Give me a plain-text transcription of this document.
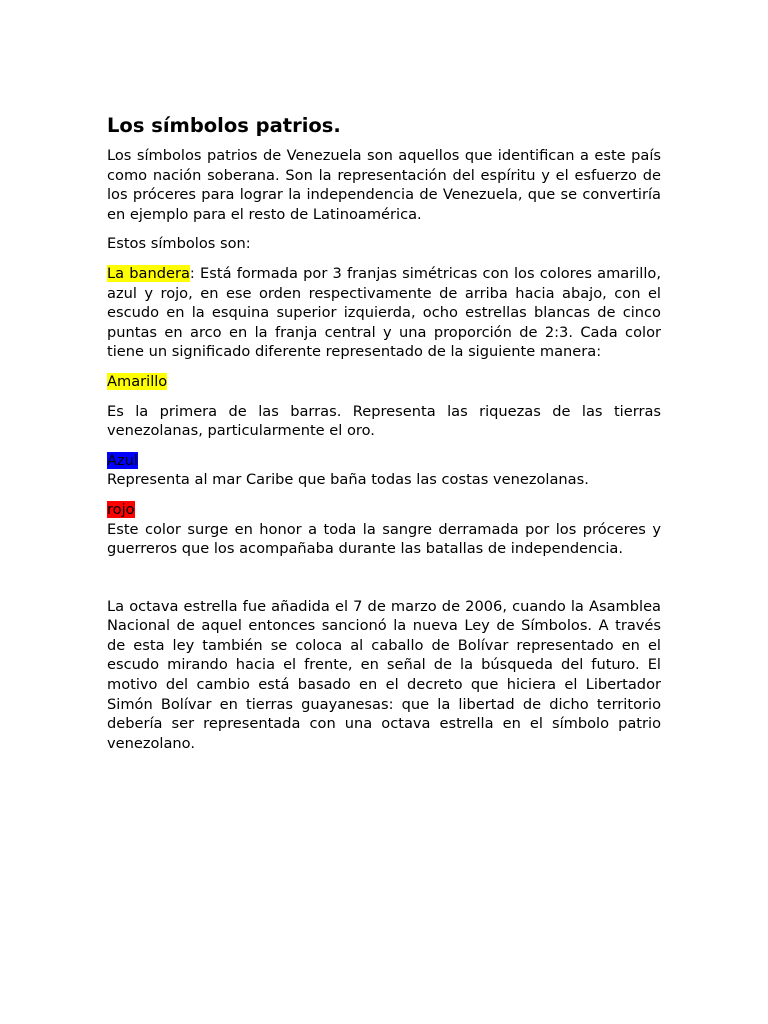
Los símbolos patrios.

Los símbolos patrios de Venezuela son aquellos que identifican a este país como nación soberana. Son la representación del espíritu y el esfuerzo de los próceres para lograr la independencia de Venezuela, que se convertiría en ejemplo para el resto de Latinoamérica.

Estos símbolos son:

La bandera: Está formada por 3 franjas simétricas con los colores amarillo, azul y rojo, en ese orden respectivamente de arriba hacia abajo, con el escudo en la esquina superior izquierda, ocho estrellas blancas de cinco puntas en arco en la franja central y una proporción de 2:3. Cada color tiene un significado diferente representado de la siguiente manera:

Amarillo

Es la primera de las barras. Representa las riquezas de las tierras venezolanas, particularmente el oro.

Azul

Representa al mar Caribe que baña todas las costas venezolanas.

rojo

Este color surge en honor a toda la sangre derramada por los próceres y guerreros que los acompañaba durante las batallas de independencia.

La octava estrella fue añadida el 7 de marzo de 2006, cuando la Asamblea Nacional de aquel entonces sancionó la nueva Ley de Símbolos. A través de esta ley también se coloca al caballo de Bolívar representado en el escudo mirando hacia el frente, en señal de la búsqueda del futuro. El motivo del cambio está basado en el decreto que hiciera el Libertador Simón Bolívar en tierras guayanesas: que la libertad de dicho territorio debería ser representada con una octava estrella en el símbolo patrio venezolano.
